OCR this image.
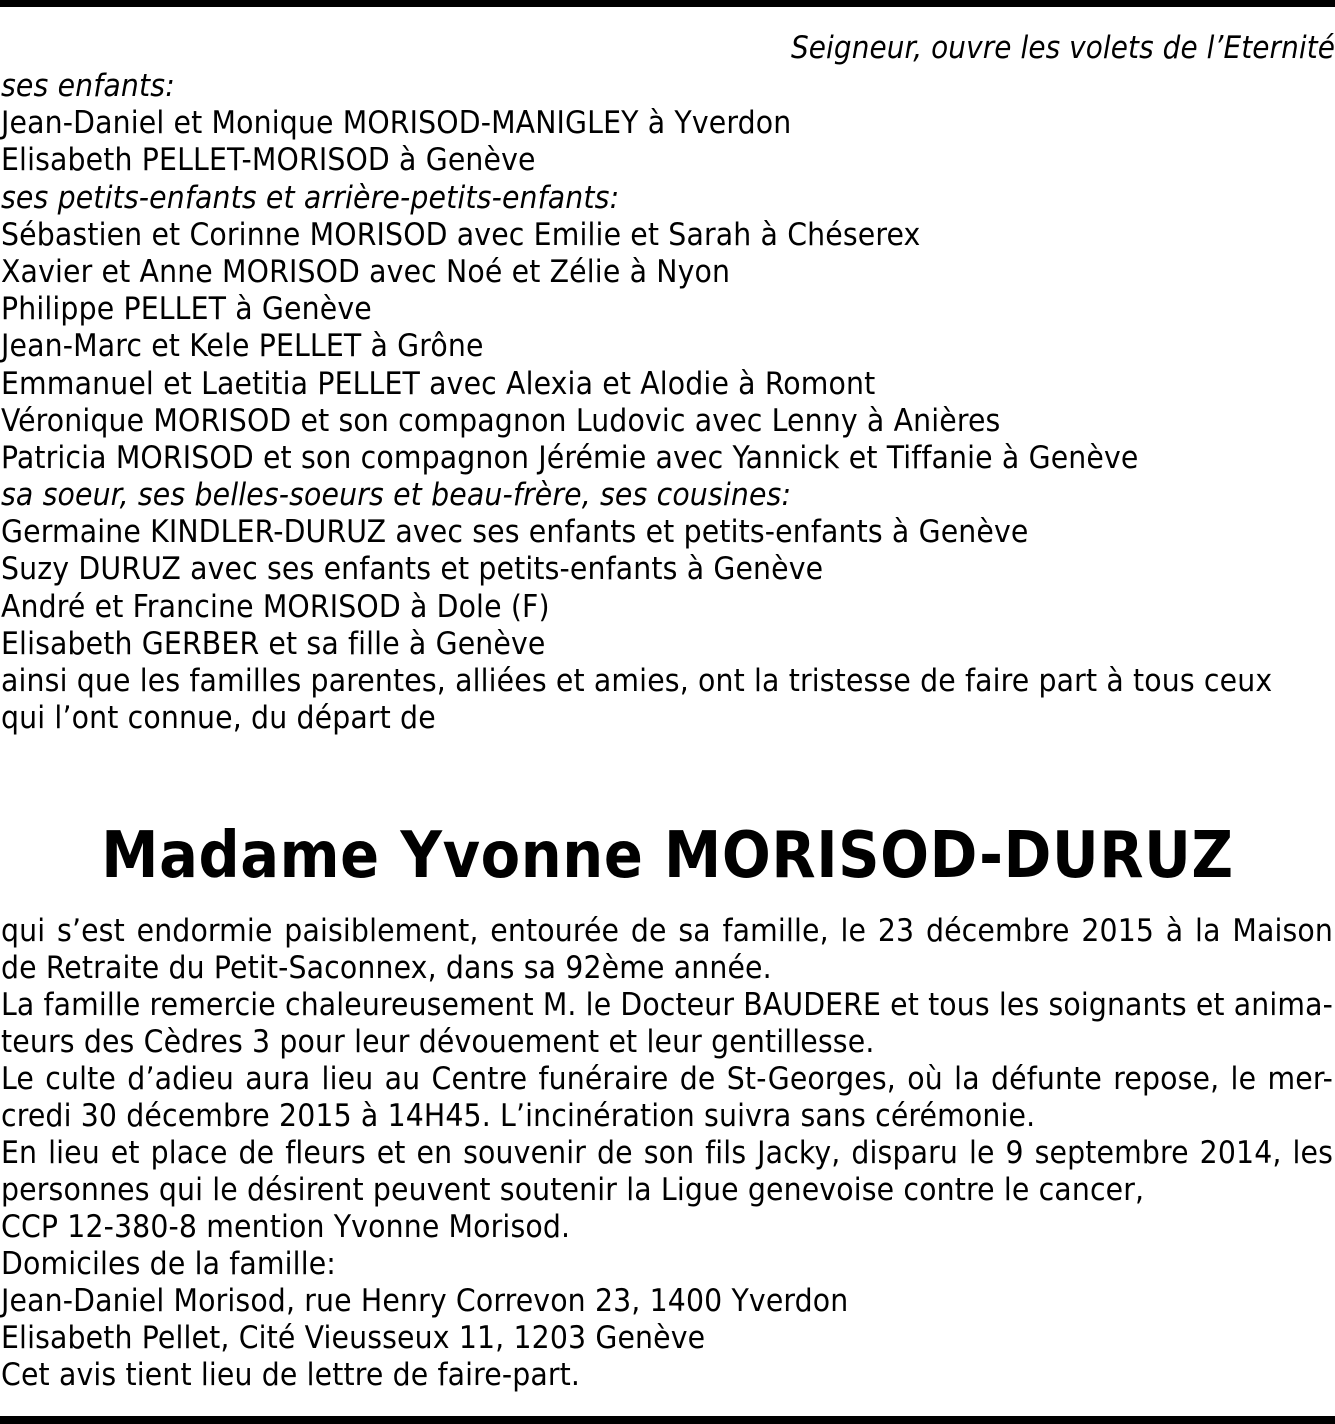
Seigneur, ouvre les volets de l’Eternité
ses enfants:
Jean-Daniel et Monique MORISOD-MANIGLEY à Yverdon
Elisabeth PELLET-MORISOD à Genève
ses petits-enfants et arrière-petits-enfants:
Sébastien et Corinne MORISOD avec Emilie et Sarah à Chéserex
Xavier et Anne MORISOD avec Noé et Zélie à Nyon
Philippe PELLET à Genève
Jean-Marc et Kele PELLET à Grône
Emmanuel et Laetitia PELLET avec Alexia et Alodie à Romont
Véronique MORISOD et son compagnon Ludovic avec Lenny à Anières
Patricia MORISOD et son compagnon Jérémie avec Yannick et Tiffanie à Genève
sa soeur, ses belles-soeurs et beau-frère, ses cousines:
Germaine KINDLER-DURUZ avec ses enfants et petits-enfants à Genève
Suzy DURUZ avec ses enfants et petits-enfants à Genève
André et Francine MORISOD à Dole (F)
Elisabeth GERBER et sa fille à Genève
ainsi que les familles parentes, alliées et amies, ont la tristesse de faire part à tous ceux
qui l’ont connue, du départ de
Madame Yvonne MORISOD-DURUZ
qui s’est endormie paisiblement, entourée de sa famille, le 23 décembre 2015 à la Maison
de Retraite du Petit-Saconnex, dans sa 92ème année.
La famille remercie chaleureusement M. le Docteur BAUDERE et tous les soignants et anima-
teurs des Cèdres 3 pour leur dévouement et leur gentillesse.
Le culte d’adieu aura lieu au Centre funéraire de St-Georges, où la défunte repose, le mer-
credi 30 décembre 2015 à 14H45. L’incinération suivra sans cérémonie.
En lieu et place de fleurs et en souvenir de son fils Jacky, disparu le 9 septembre 2014, les
personnes qui le désirent peuvent soutenir la Ligue genevoise contre le cancer,
CCP 12-380-8 mention Yvonne Morisod.
Domiciles de la famille:
Jean-Daniel Morisod, rue Henry Correvon 23, 1400 Yverdon
Elisabeth Pellet, Cité Vieusseux 11, 1203 Genève
Cet avis tient lieu de lettre de faire-part.
